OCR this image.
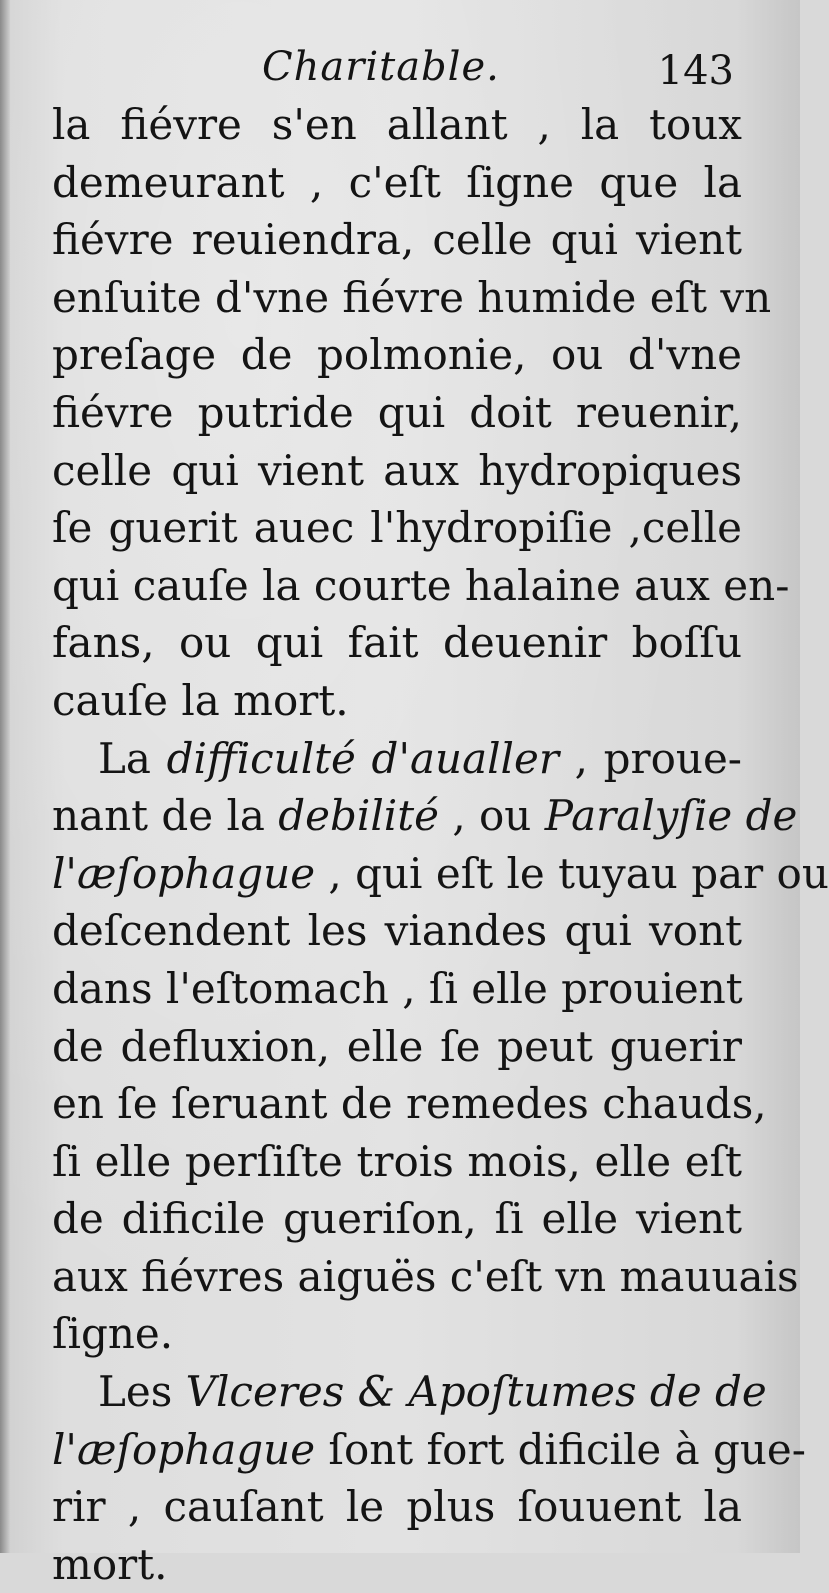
Charitable.	143
la fiévre s'en allant , la toux
demeurant , c'eſt ſigne que la
fiévre reuiendra, celle qui vient
enſuite d'vne fiévre humide eſt vn
preſage de polmonie, ou d'vne
fiévre putride qui doit reuenir,
celle qui vient aux hydropiques
ſe guerit auec l'hydropiſie ,celle
qui cauſe la courte halaine aux en-
fans, ou qui fait deuenir boſſu
cauſe la mort.
La difficulté d'aualler , proue-
nant de la debilité , ou Paralyſie de
l'æſophague , qui eſt le tuyau par ou
deſcendent les viandes qui vont
dans l'eſtomach , ſi elle prouient
de defluxion, elle ſe peut guerir
en ſe ſeruant de remedes chauds,
ſi elle perſiſte trois mois, elle eſt
de dificile gueriſon, ſi elle vient
aux fiévres aiguës c'eſt vn mauuais
ſigne.
Les Vlceres & Apoſtumes de de
l'æſophague ſont fort dificile à gue-
rir , cauſant le plus ſouuent la
mort.
